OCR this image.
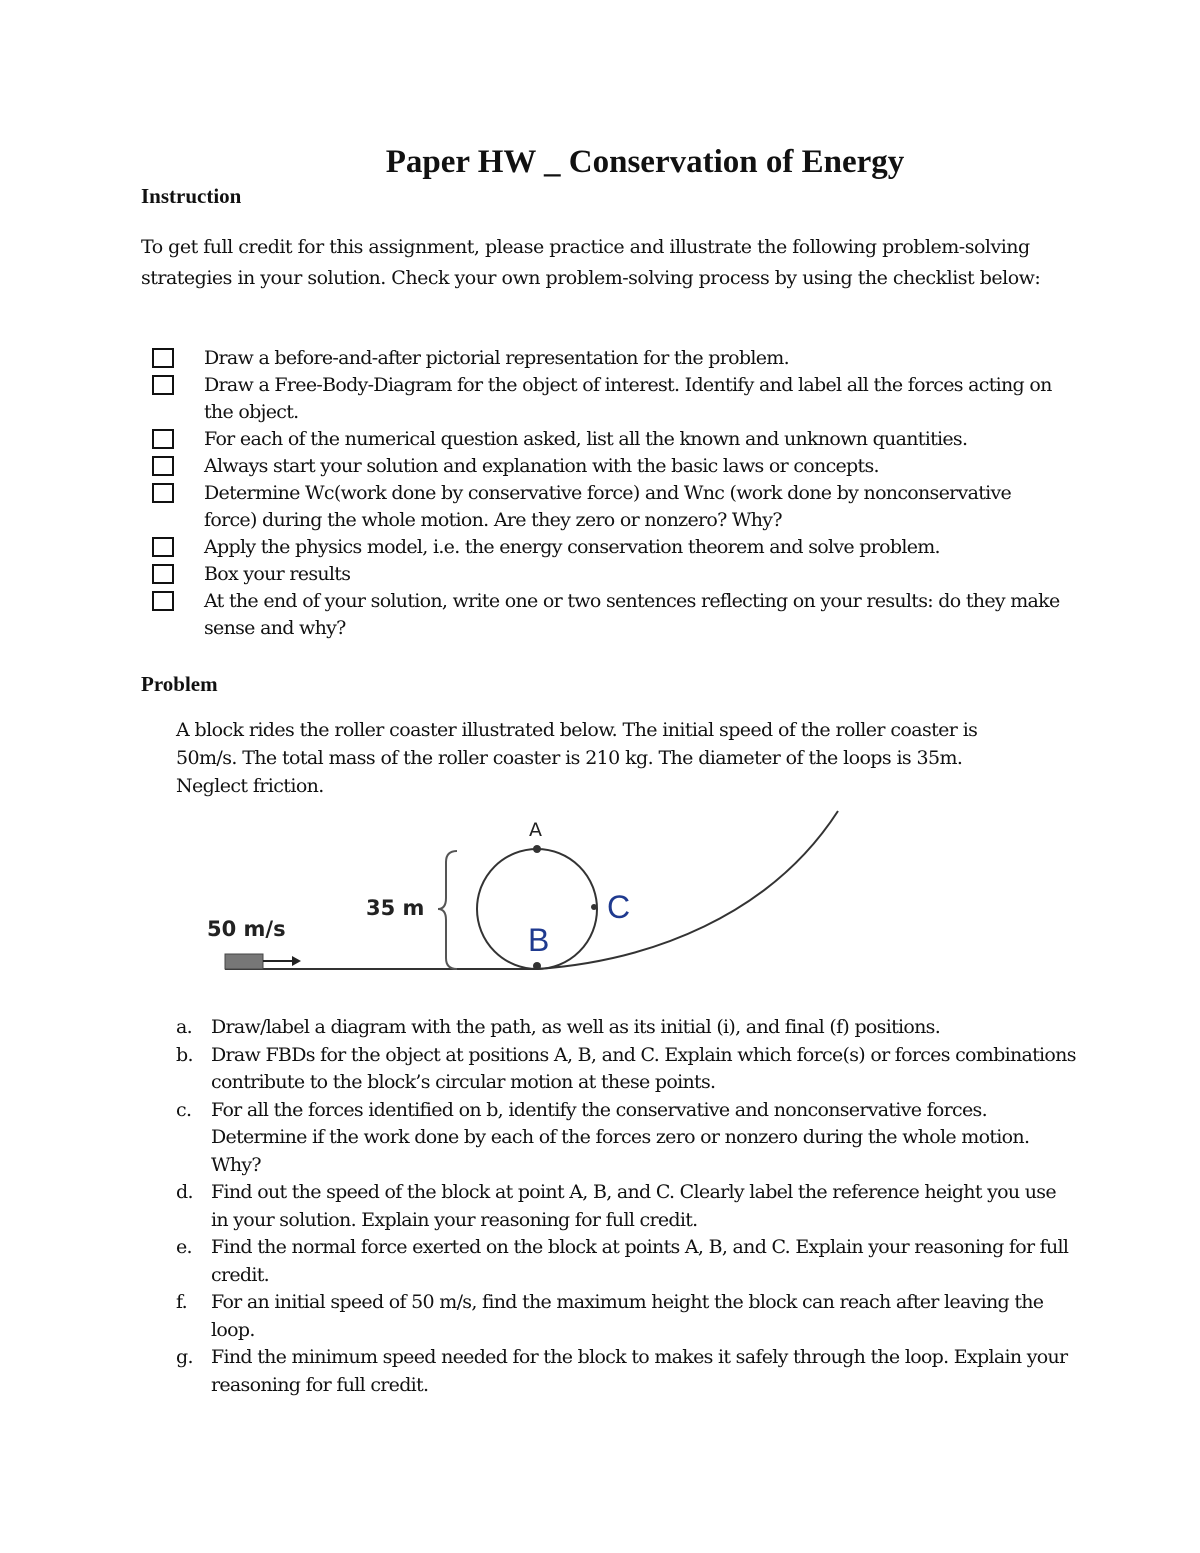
Paper HW _ Conservation of Energy
Instruction

To get full credit for this assignment, please practice and illustrate the following problem-solving strategies in your solution. Check your own problem-solving process by using the checklist below:

Draw a before-and-after pictorial representation for the problem.
Draw a Free-Body-Diagram for the object of interest. Identify and label all the forces acting on the object.
For each of the numerical question asked, list all the known and unknown quantities.
Always start your solution and explanation with the basic laws or concepts.
Determine Wc(work done by conservative force) and Wnc (work done by nonconservative force) during the whole motion. Are they zero or nonzero? Why?
Apply the physics model, i.e. the energy conservation theorem and solve problem.
Box your results
At the end of your solution, write one or two sentences reflecting on your results: do they make sense and why?
Problem

A block rides the roller coaster illustrated below. The initial speed of the roller coaster is 50m/s. The total mass of the roller coaster is 210 kg. The diameter of the loops is 35m. Neglect friction.

50 m/s
35 m
A
B
C
a. Draw/label a diagram with the path, as well as its initial (i), and final (f) positions.
b. Draw FBDs for the object at positions A, B, and C. Explain which force(s) or forces combinations contribute to the block’s circular motion at these points.
c. For all the forces identified on b, identify the conservative and nonconservative forces. Determine if the work done by each of the forces zero or nonzero during the whole motion. Why?
d. Find out the speed of the block at point A, B, and C. Clearly label the reference height you use in your solution. Explain your reasoning for full credit.
e. Find the normal force exerted on the block at points A, B, and C. Explain your reasoning for full credit.
f. For an initial speed of 50 m/s, find the maximum height the block can reach after leaving the loop.
g. Find the minimum speed needed for the block to makes it safely through the loop. Explain your reasoning for full credit.
